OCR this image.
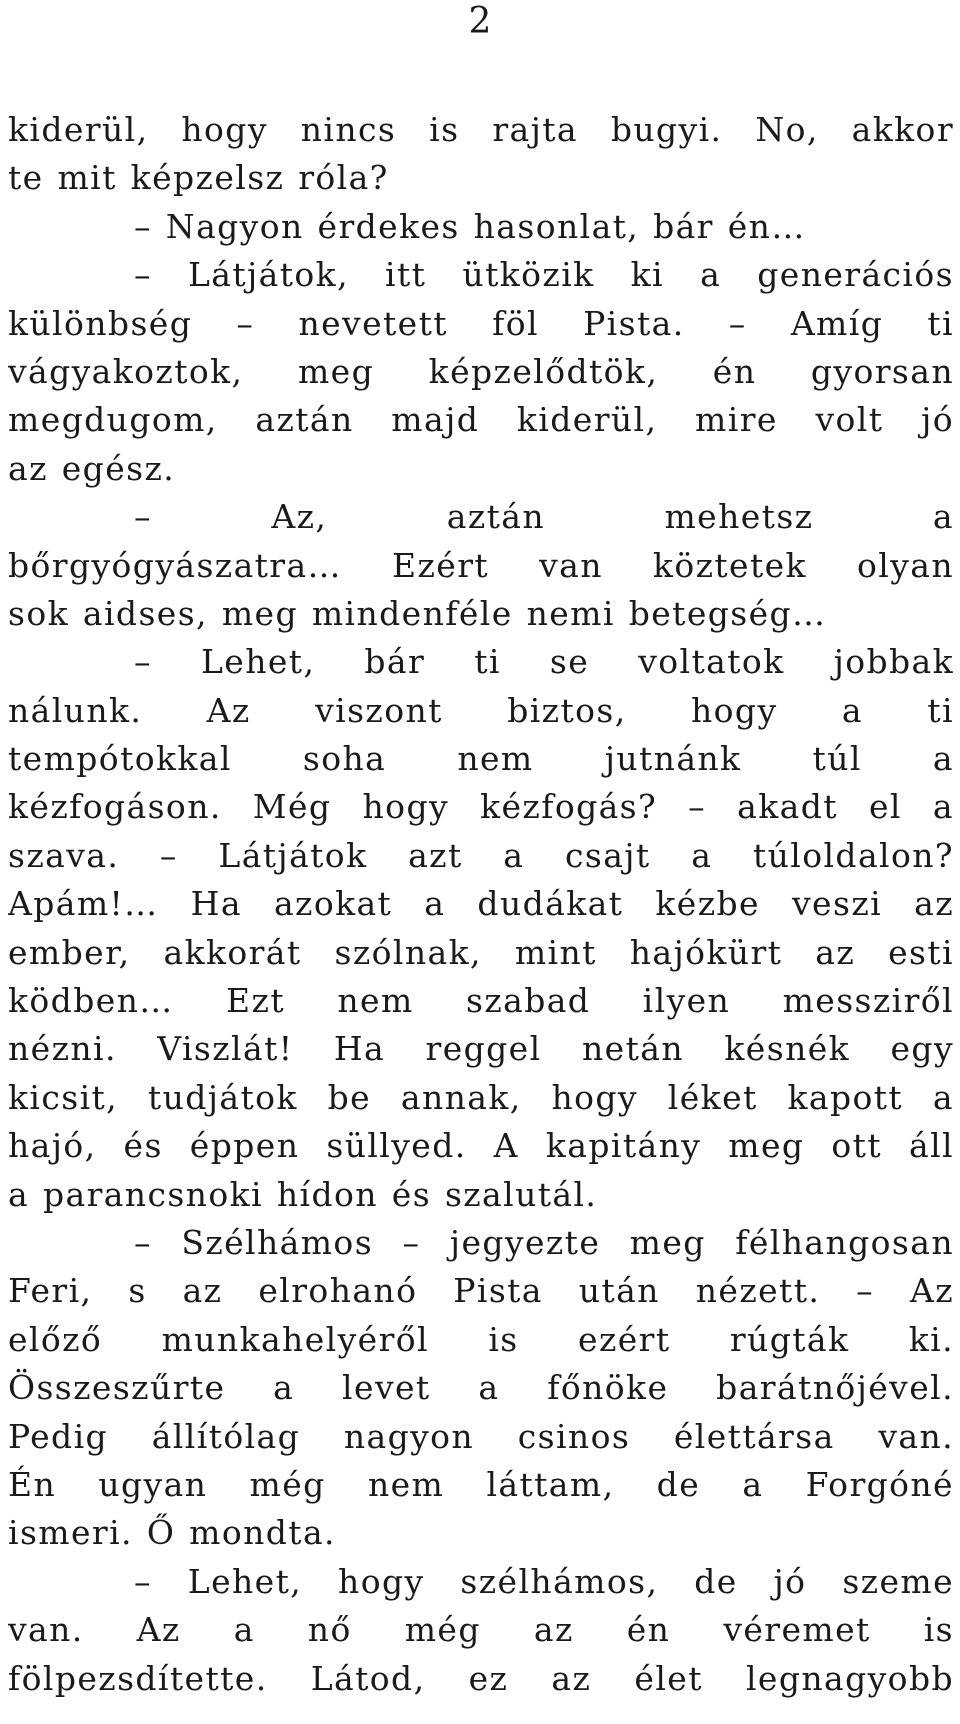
2
kiderül, hogy nincs is rajta bugyi. No, akkor
te mit képzelsz róla?
– Nagyon érdekes hasonlat, bár én…
– Látjátok, itt ütközik ki a generációs
különbség – nevetett föl Pista. – Amíg ti
vágyakoztok, meg képzelődtök, én gyorsan
megdugom, aztán majd kiderül, mire volt jó
az egész.
– Az, aztán mehetsz a
bőrgyógyászatra… Ezért van köztetek olyan
sok aidses, meg mindenféle nemi betegség…
– Lehet, bár ti se voltatok jobbak
nálunk. Az viszont biztos, hogy a ti
tempótokkal soha nem jutnánk túl a
kézfogáson. Még hogy kézfogás? – akadt el a
szava. – Látjátok azt a csajt a túloldalon?
Apám!… Ha azokat a dudákat kézbe veszi az
ember, akkorát szólnak, mint hajókürt az esti
ködben… Ezt nem szabad ilyen messziről
nézni. Viszlát! Ha reggel netán késnék egy
kicsit, tudjátok be annak, hogy léket kapott a
hajó, és éppen süllyed. A kapitány meg ott áll
a parancsnoki hídon és szalutál.
– Szélhámos – jegyezte meg félhangosan
Feri, s az elrohanó Pista után nézett. – Az
előző munkahelyéről is ezért rúgták ki.
Összeszűrte a levet a főnöke barátnőjével.
Pedig állítólag nagyon csinos élettársa van.
Én ugyan még nem láttam, de a Forgóné
ismeri. Ő mondta.
– Lehet, hogy szélhámos, de jó szeme
van. Az a nő még az én véremet is
fölpezsdítette. Látod, ez az élet legnagyobb
